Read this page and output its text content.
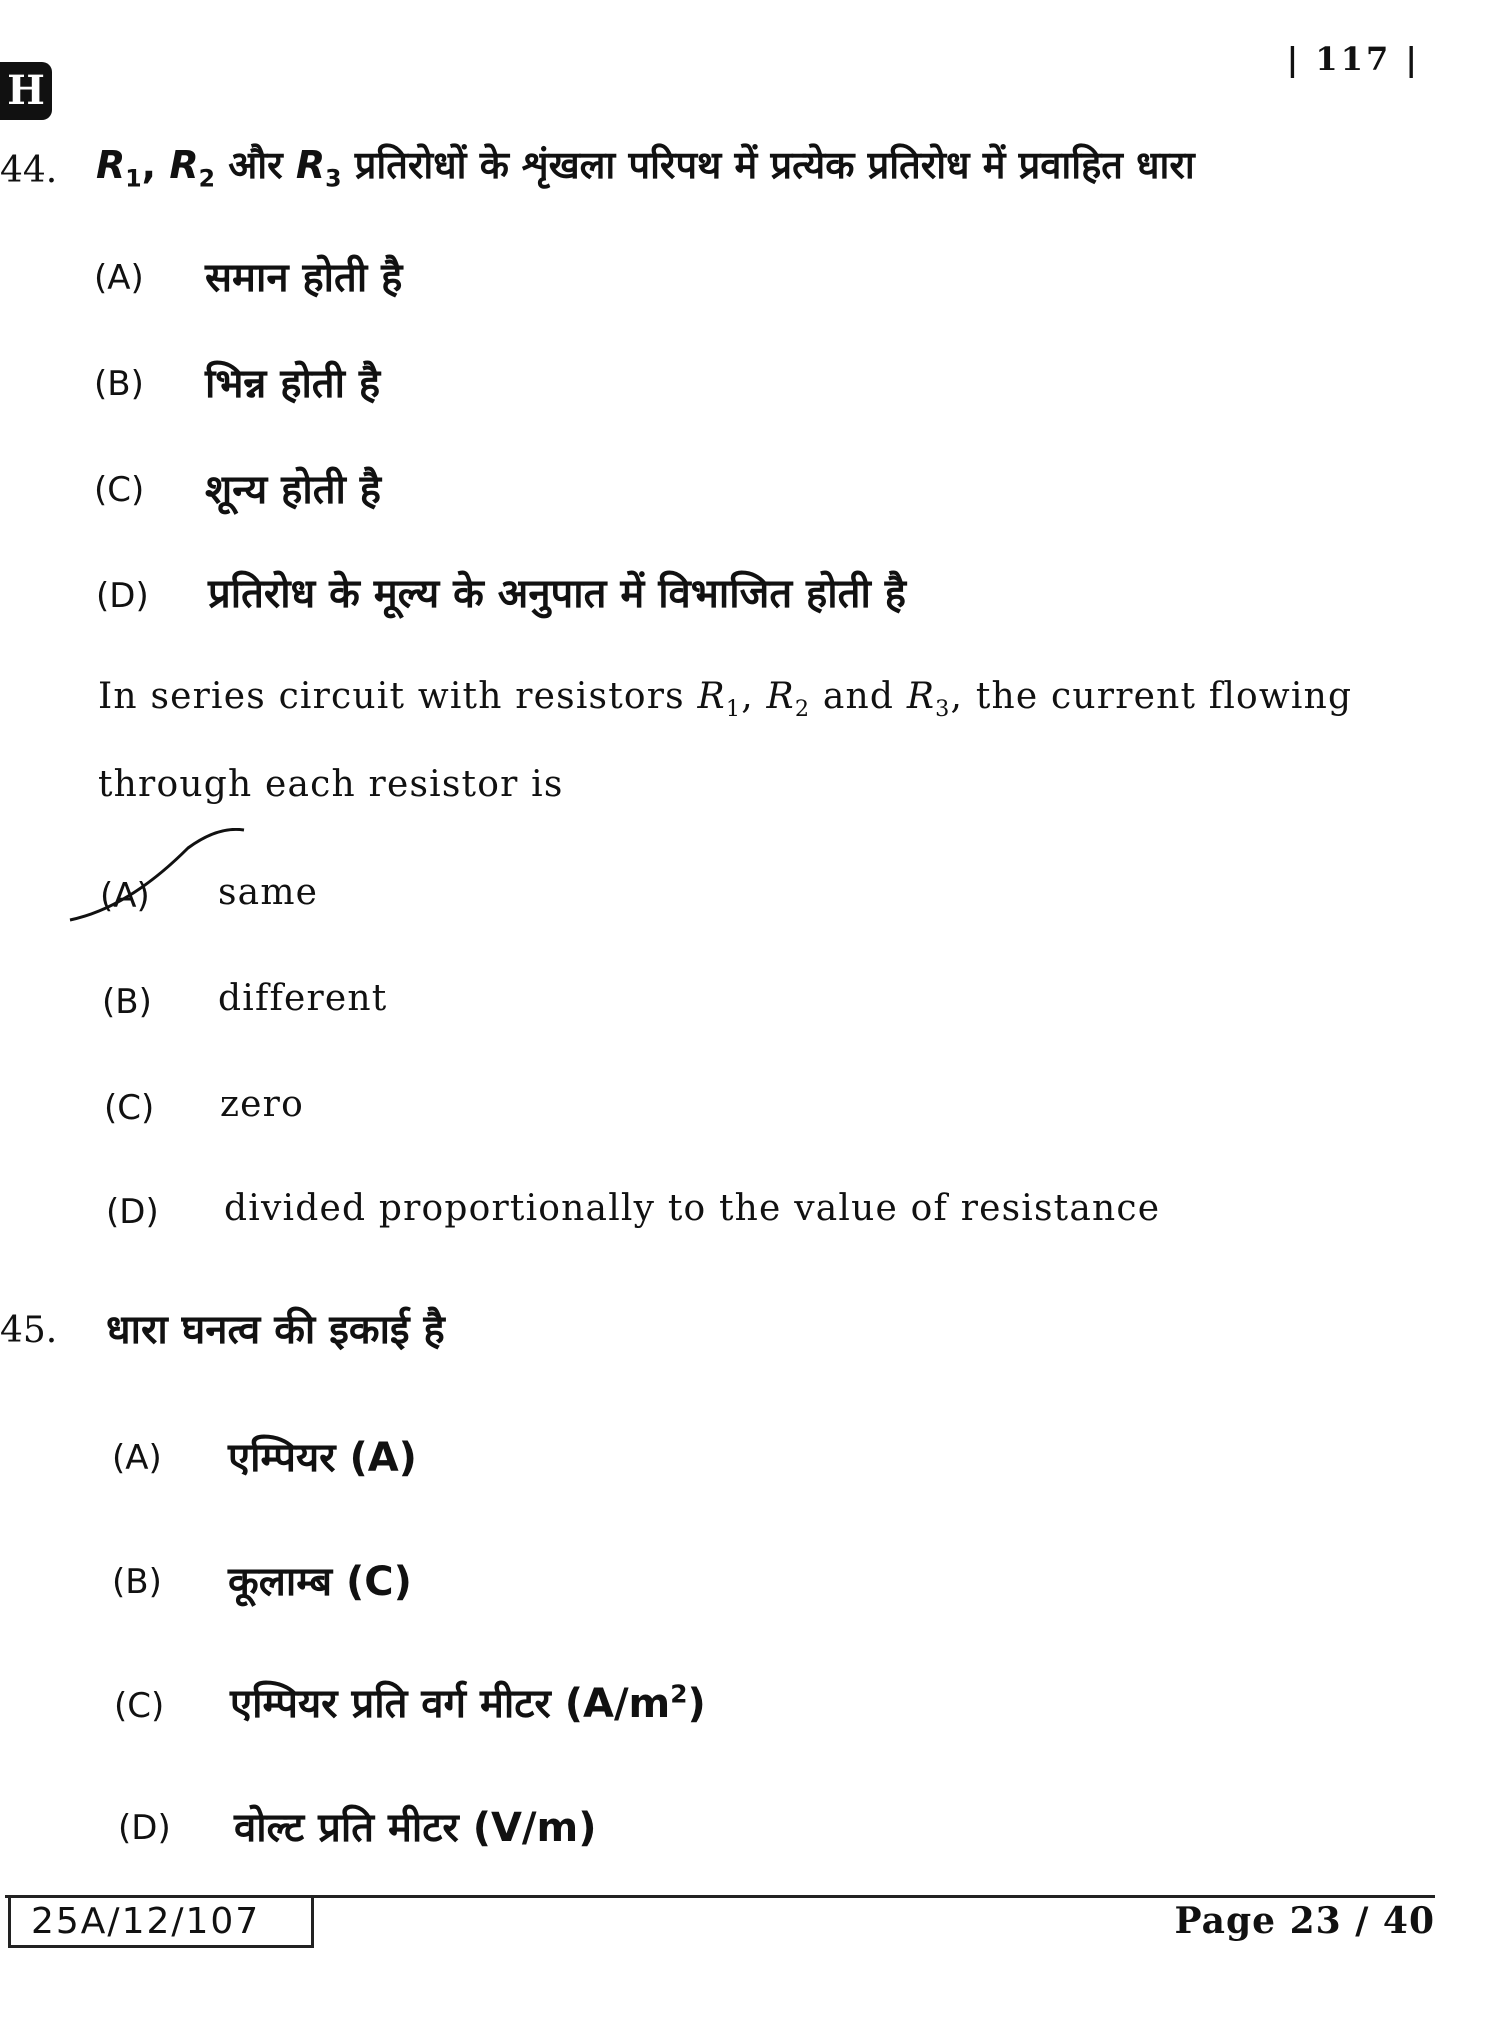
H
| 117 |
44. $R_1$, $R_2$ और $R_3$ प्रतिरोधों के शृंखला परिपथ में प्रत्येक प्रतिरोध में प्रवाहित धारा
(A) समान होती है
(B) भिन्न होती है
(C) शून्य होती है
(D) प्रतिरोध के मूल्य के अनुपात में विभाजित होती है
In series circuit with resistors $R_1$, $R_2$ and $R_3$, the current flowing
through each resistor is
(A) same
(B) different
(C) zero
(D) divided proportionally to the value of resistance
45. धारा घनत्व की इकाई है
(A) एम्पियर (A)
(B) कूलाम्ब (C)
(C) एम्पियर प्रति वर्ग मीटर $(A/m^2)$
(D) वोल्ट प्रति मीटर (V/m)
25A/12/107	Page 23 / 40
